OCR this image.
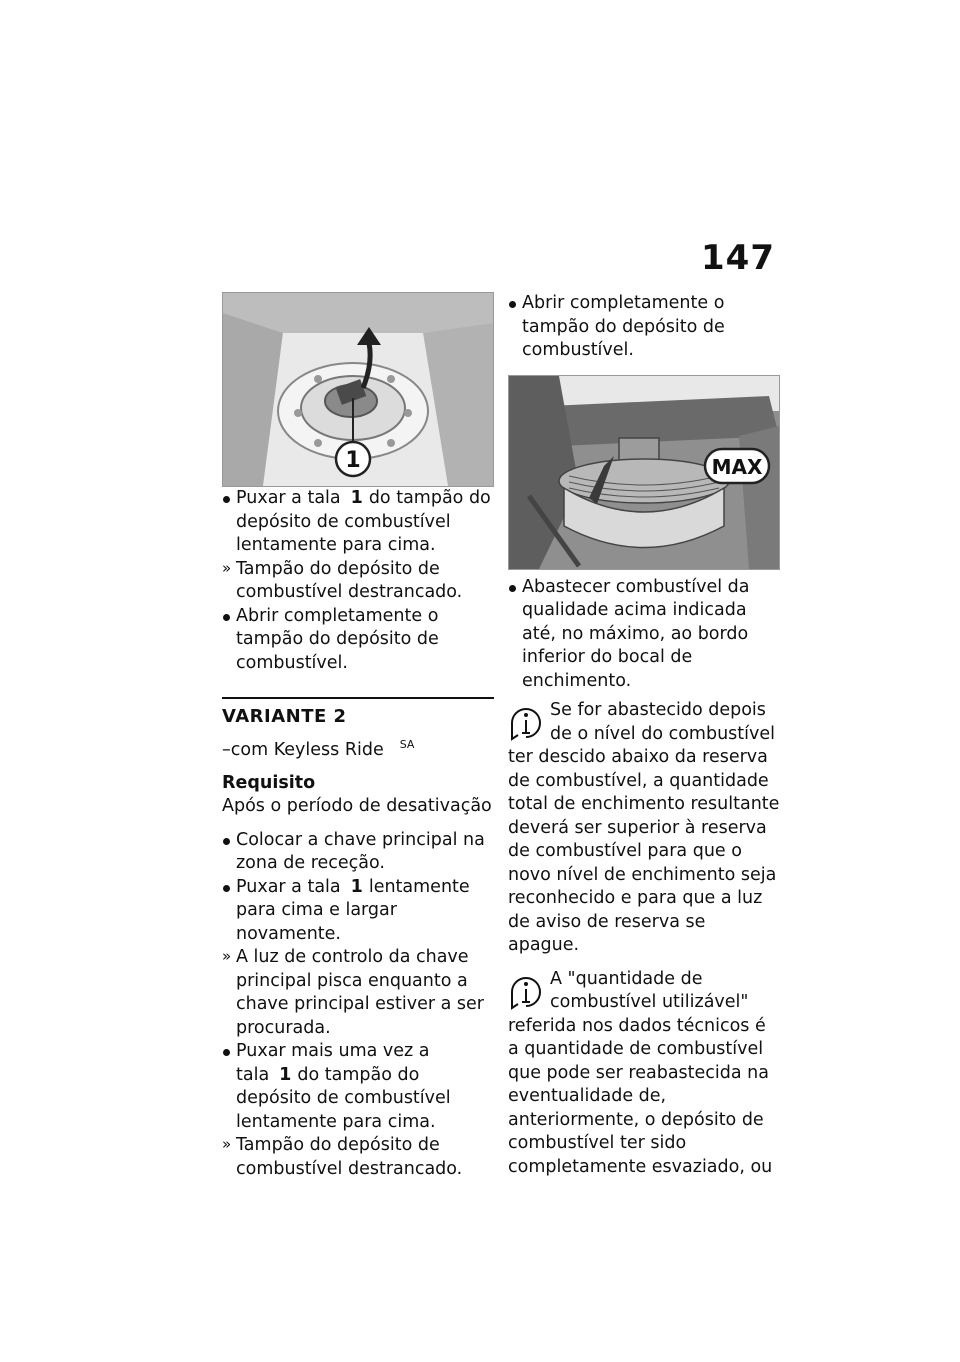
147
1
Puxar a tala 1 do tampão do depósito de combustível lentamente para cima.
» Tampão do depósito de combustível destrancado.
Abrir completamente o tampão do depósito de combustível.
VARIANTE 2
–com Keyless Ride $^{SA}$
Requisito
Após o período de desativação
Colocar a chave principal na zona de receção.
Puxar a tala 1 lentamente para cima e largar novamente.
» A luz de controlo da chave principal pisca enquanto a chave principal estiver a ser procurada.
Puxar mais uma vez a tala 1 do tampão do depósito de combustível lentamente para cima.
» Tampão do depósito de combustível destrancado.
Abrir completamente o tampão do depósito de combustível.
MAX
Abastecer combustível da qualidade acima indicada até, no máximo, ao bordo inferior do bocal de enchimento.
Se for abastecido depois de o nível do combustível ter descido abaixo da reserva de combustível, a quantidade total de enchimento resultante deverá ser superior à reserva de combustível para que o novo nível de enchimento seja reconhecido e para que a luz de aviso de reserva se apague.
A "quantidade de combustível utilizável" referida nos dados técnicos é a quantidade de combustível que pode ser reabastecida na eventualidade de, anteriormente, o depósito de combustível ter sido completamente esvaziado, ou
